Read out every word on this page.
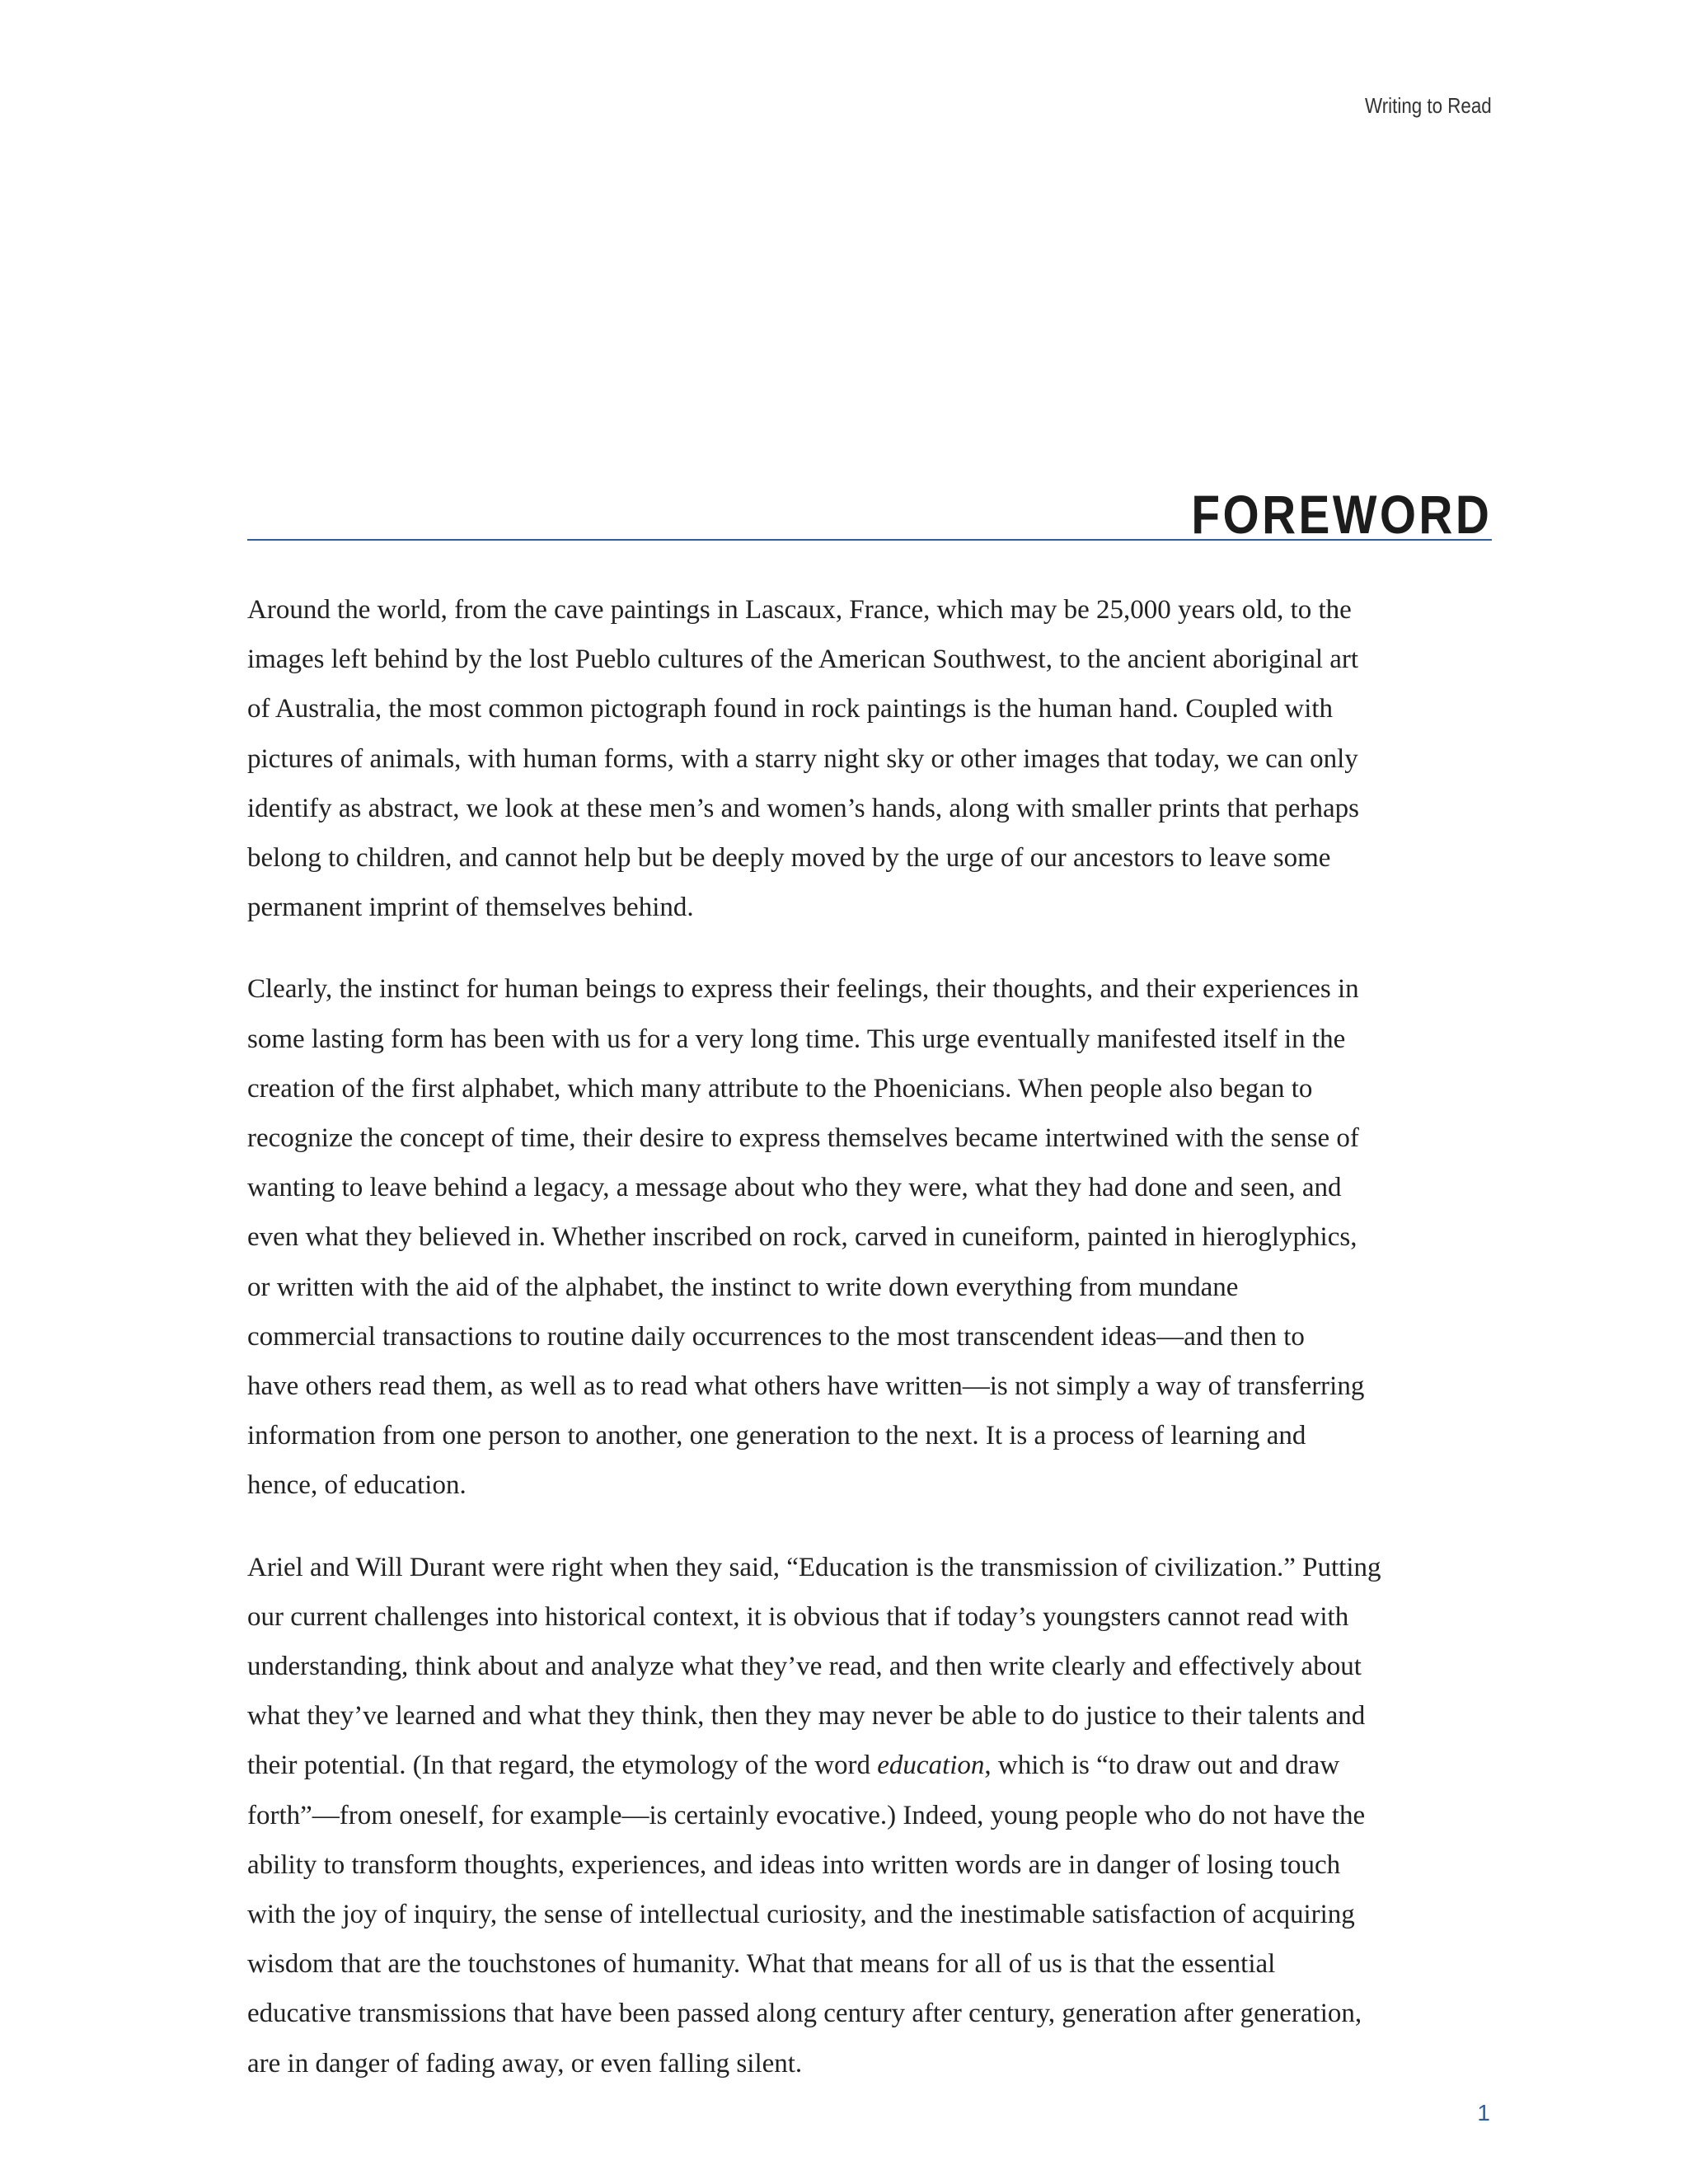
Writing to Read
FOREWORD

Around the world, from the cave paintings in Lascaux, France, which may be 25,000 years old, to the
images left behind by the lost Pueblo cultures of the American Southwest, to the ancient aboriginal art
of Australia, the most common pictograph found in rock paintings is the human hand. Coupled with
pictures of animals, with human forms, with a starry night sky or other images that today, we can only
identify as abstract, we look at these men’s and women’s hands, along with smaller prints that perhaps
belong to children, and cannot help but be deeply moved by the urge of our ancestors to leave some
permanent imprint of themselves behind.

Clearly, the instinct for human beings to express their feelings, their thoughts, and their experiences in
some lasting form has been with us for a very long time. This urge eventually manifested itself in the
creation of the first alphabet, which many attribute to the Phoenicians. When people also began to
recognize the concept of time, their desire to express themselves became intertwined with the sense of
wanting to leave behind a legacy, a message about who they were, what they had done and seen, and
even what they believed in. Whether inscribed on rock, carved in cuneiform, painted in hieroglyphics,
or written with the aid of the alphabet, the instinct to write down everything from mundane
commercial transactions to routine daily occurrences to the most transcendent ideas—and then to
have others read them, as well as to read what others have written—is not simply a way of transferring
information from one person to another, one generation to the next. It is a process of learning and
hence, of education.

Ariel and Will Durant were right when they said, “Education is the transmission of civilization.” Putting
our current challenges into historical context, it is obvious that if today’s youngsters cannot read with
understanding, think about and analyze what they’ve read, and then write clearly and effectively about
what they’ve learned and what they think, then they may never be able to do justice to their talents and
their potential. (In that regard, the etymology of the word education, which is “to draw out and draw
forth”—from oneself, for example—is certainly evocative.) Indeed, young people who do not have the
ability to transform thoughts, experiences, and ideas into written words are in danger of losing touch
with the joy of inquiry, the sense of intellectual curiosity, and the inestimable satisfaction of acquiring
wisdom that are the touchstones of humanity. What that means for all of us is that the essential
educative transmissions that have been passed along century after century, generation after generation,
are in danger of fading away, or even falling silent.

1
